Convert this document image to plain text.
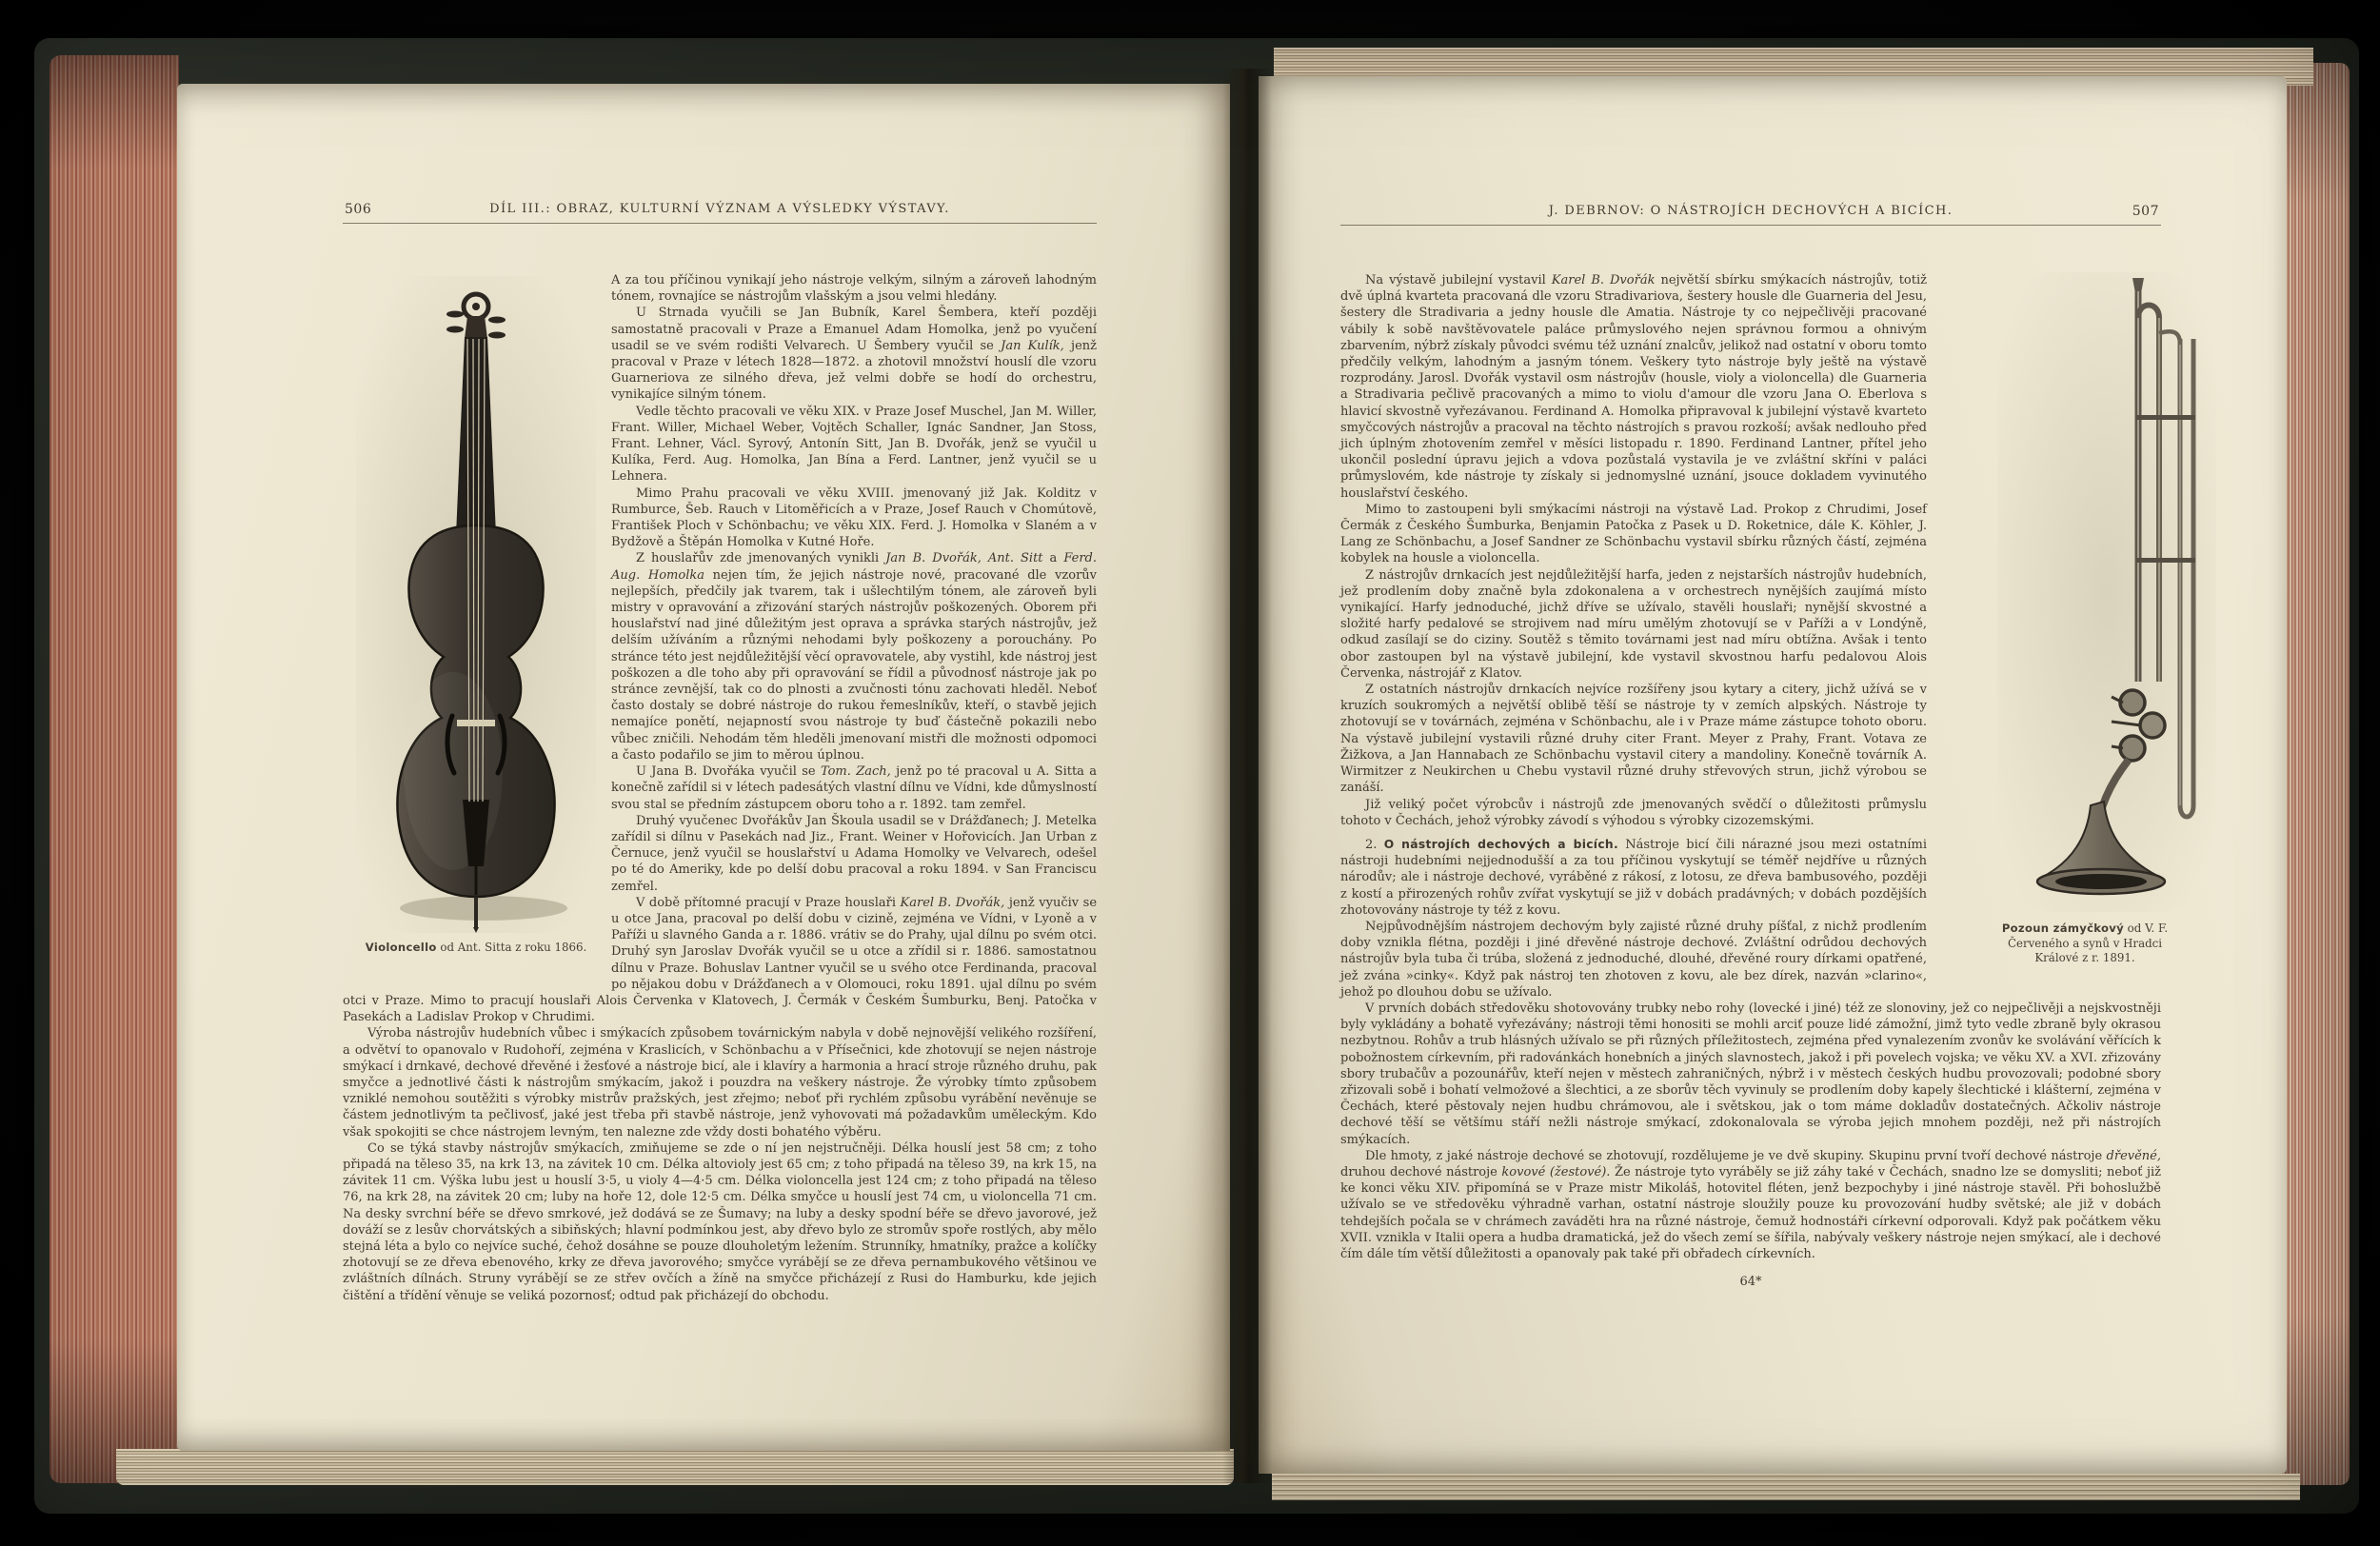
506	DÍL III.: OBRAZ, KULTURNÍ VÝZNAM A VÝSLEDKY VÝSTAVY.
Violoncello od Ant. Sitta z roku 1866.

A za tou příčinou vynikají jeho nástroje velkým, silným a zároveň lahodným tónem, rovnajíce se nástrojům vlašským a jsou velmi hledány.

U Strnada vyučili se Jan Bubník, Karel Šembera, kteří později samostatně pracovali v Praze a Emanuel Adam Homolka, jenž po vyučení usadil se ve svém rodišti Velvarech. U Šembery vyučil se Jan Kulík, jenž pracoval v Praze v létech 1828—1872. a zhotovil množství houslí dle vzoru Guarneriova ze silného dřeva, jež velmi dobře se hodí do orchestru, vynikajíce silným tónem.

Vedle těchto pracovali ve věku XIX. v Praze Josef Muschel, Jan M. Willer, Frant. Willer, Michael Weber, Vojtěch Schaller, Ignác Sandner, Jan Stoss, Frant. Lehner, Václ. Syrový, Antonín Sitt, Jan B. Dvořák, jenž se vyučil u Kulíka, Ferd. Aug. Homolka, Jan Bína a Ferd. Lantner, jenž vyučil se u Lehnera.

Mimo Prahu pracovali ve věku XVIII. jmenovaný již Jak. Kolditz v Rumburce, Šeb. Rauch v Litoměřicích a v Praze, Josef Rauch v Chomútově, František Ploch v Schönbachu; ve věku XIX. Ferd. J. Homolka v Slaném a v Bydžově a Štěpán Homolka v Kutné Hoře.

Z houslařův zde jmenovaných vynikli Jan B. Dvořák, Ant. Sitt a Ferd. Aug. Homolka nejen tím, že jejich nástroje nové, pracované dle vzorův nejlepších, předčily jak tvarem, tak i ušlechtilým tónem, ale zároveň byli mistry v opravování a zřizování starých nástrojův poškozených. Oborem při houslařství nad jiné důležitým jest oprava a správka starých nástrojův, jež delším užíváním a různými nehodami byly poškozeny a porouchány. Po stránce této jest nejdůležitější věcí opravovatele, aby vystihl, kde nástroj jest poškozen a dle toho aby při opravování se řídil a původnosť nástroje jak po stránce zevnější, tak co do plnosti a zvučnosti tónu zachovati hleděl. Neboť často dostaly se dobré nástroje do rukou řemeslníkův, kteří, o stavbě jejich nemajíce ponětí, nejapností svou nástroje ty buď částečně pokazili nebo vůbec zničili. Nehodám těm hleděli jmenovaní mistři dle možnosti odpomoci a často podařilo se jim to měrou úplnou.

U Jana B. Dvořáka vyučil se Tom. Zach, jenž po té pracoval u A. Sitta a konečně zařídil si v létech padesátých vlastní dílnu ve Vídni, kde důmyslností svou stal se předním zástupcem oboru toho a r. 1892. tam zemřel.

Druhý vyučenec Dvořákův Jan Škoula usadil se v Drážďanech; J. Metelka zařídil si dílnu v Pasekách nad Jiz., Frant. Weiner v Hořovicích. Jan Urban z Černuce, jenž vyučil se houslařství u Adama Homolky ve Velvarech, odešel po té do Ameriky, kde po delší dobu pracoval a roku 1894. v San Franciscu zemřel.

V době přítomné pracují v Praze houslaři Karel B. Dvořák, jenž vyučiv se u otce Jana, pracoval po delší dobu v cizině, zejména ve Vídni, v Lyoně a v Paříži u slavného Ganda a r. 1886. vrátiv se do Prahy, ujal dílnu po svém otci. Druhý syn Jaroslav Dvořák vyučil se u otce a zřídil si r. 1886. samostatnou dílnu v Praze. Bohuslav Lantner vyučil se u svého otce Ferdinanda, pracoval po nějakou dobu v Drážďanech a v Olomouci, roku 1891. ujal dílnu po svém otci v Praze. Mimo to pracují houslaři Alois Červenka v Klatovech, J. Čermák v Českém Šumburku, Benj. Patočka v Pasekách a Ladislav Prokop v Chrudimi.

Výroba nástrojův hudebních vůbec i smýkacích způsobem továrnickým nabyla v době nejnovější velikého rozšíření, a odvětví to opanovalo v Rudohoří, zejména v Kraslicích, v Schönbachu a v Přísečnici, kde zhotovují se nejen nástroje smýkací i drnkavé, dechové dřevěné i žesťové a nástroje bicí, ale i klavíry a harmonia a hrací stroje různého druhu, pak smyčce a jednotlivé části k nástrojům smýkacím, jakož i pouzdra na veškery nástroje. Že výrobky tímto způsobem vzniklé nemohou soutěžiti s výrobky mistrův pražských, jest zřejmo; neboť při rychlém způsobu vyrábění nevěnuje se částem jednotlivým ta pečlivosť, jaké jest třeba při stavbě nástroje, jenž vyhovovati má požadavkům uměleckým. Kdo však spokojiti se chce nástrojem levným, ten nalezne zde vždy dosti bohatého výběru.

Co se týká stavby nástrojův smýkacích, zmiňujeme se zde o ní jen nejstručněji. Délka houslí jest 58 cm; z toho připadá na těleso 35, na krk 13, na závitek 10 cm. Délka altovioly jest 65 cm; z toho připadá na těleso 39, na krk 15, na závitek 11 cm. Výška lubu jest u houslí 3·5, u violy 4—4·5 cm. Délka violoncella jest 124 cm; z toho připadá na těleso 76, na krk 28, na závitek 20 cm; luby na hoře 12, dole 12·5 cm. Délka smyčce u houslí jest 74 cm, u violoncella 71 cm. Na desky svrchní béře se dřevo smrkové, jež dodává se ze Šumavy; na luby a desky spodní béře se dřevo javorové, jež dováží se z lesův chorvátských a sibiňských; hlavní podmínkou jest, aby dřevo bylo ze stromův spoře rostlých, aby mělo stejná léta a bylo co nejvíce suché, čehož dosáhne se pouze dlouholetým ležením. Strunníky, hmatníky, pražce a kolíčky zhotovují se ze dřeva ebenového, krky ze dřeva javorového; smyčce vyrábějí se ze dřeva pernambukového většinou ve zvláštních dílnách. Struny vyrábějí se ze střev ovčích a žíně na smyčce přicházejí z Rusi do Hamburku, kde jejich čištění a třídění věnuje se veliká pozornosť; odtud pak přicházejí do obchodu.

J. DEBRNOV: O NÁSTROJÍCH DECHOVÝCH A BICÍCH.	507
Pozoun zámyčkový od V. F.
Červeného a synů v Hradci
Králové z r. 1891.

Na výstavě jubilejní vystavil Karel B. Dvořák největší sbírku smýkacích nástrojův, totiž dvě úplná kvarteta pracovaná dle vzoru Stradivariova, šestery housle dle Guarneria del Jesu, šestery dle Stradivaria a jedny housle dle Amatia. Nástroje ty co nejpečlivěji pracované vábily k sobě navštěvovatele paláce průmyslového nejen správnou formou a ohnivým zbarvením, nýbrž získaly původci svému též uznání znalcův, jelikož nad ostatní v oboru tomto předčily velkým, lahodným a jasným tónem. Veškery tyto nástroje byly ještě na výstavě rozprodány. Jarosl. Dvořák vystavil osm nástrojův (housle, violy a violoncella) dle Guarneria a Stradivaria pečlivě pracovaných a mimo to violu d'amour dle vzoru Jana O. Eberlova s hlavicí skvostně vyřezávanou. Ferdinand A. Homolka připravoval k jubilejní výstavě kvarteto smyčcových nástrojův a pracoval na těchto nástrojích s pravou rozkoší; avšak nedlouho před jich úplným zhotovením zemřel v měsíci listopadu r. 1890. Ferdinand Lantner, přítel jeho ukončil poslední úpravu jejich a vdova pozůstalá vystavila je ve zvláštní skříni v paláci průmyslovém, kde nástroje ty získaly si jednomyslné uznání, jsouce dokladem vyvinutého houslařství českého.

Mimo to zastoupeni byli smýkacími nástroji na výstavě Lad. Prokop z Chrudimi, Josef Čermák z Českého Šumburka, Benjamin Patočka z Pasek u D. Roketnice, dále K. Köhler, J. Lang ze Schönbachu, a Josef Sandner ze Schönbachu vystavil sbírku různých částí, zejména kobylek na housle a violoncella.

Z nástrojův drnkacích jest nejdůležitější harfa, jeden z nejstarších nástrojův hudebních, jež prodlením doby značně byla zdokonalena a v orchestrech nynějších zaujímá místo vynikající. Harfy jednoduché, jichž dříve se užívalo, stavěli houslaři; nynější skvostné a složité harfy pedalové se strojivem nad míru umělým zhotovují se v Paříži a v Londýně, odkud zasílají se do ciziny. Soutěž s těmito továrnami jest nad míru obtížna. Avšak i tento obor zastoupen byl na výstavě jubilejní, kde vystavil skvostnou harfu pedalovou Alois Červenka, nástrojář z Klatov.

Z ostatních nástrojův drnkacích nejvíce rozšířeny jsou kytary a citery, jichž užívá se v kruzích soukromých a největší oblibě těší se nástroje ty v zemích alpských. Nástroje ty zhotovují se v továrnách, zejména v Schönbachu, ale i v Praze máme zástupce tohoto oboru. Na výstavě jubilejní vystavili různé druhy citer Frant. Meyer z Prahy, Frant. Votava ze Žižkova, a Jan Hannabach ze Schönbachu vystavil citery a mandoliny. Konečně továrník A. Wirmitzer z Neukirchen u Chebu vystavil různé druhy střevových strun, jichž výrobou se zanáší.

Již veliký počet výrobcův i nástrojů zde jmenovaných svědčí o důležitosti průmyslu tohoto v Čechách, jehož výrobky závodí s výhodou s výrobky cizozemskými.

2. O nástrojích dechových a bicích. Nástroje bicí čili nárazné jsou mezi ostatními nástroji hudebními nejjednodušší a za tou příčinou vyskytují se téměř nejdříve u různých národův; ale i nástroje dechové, vyráběné z rákosí, z lotosu, ze dřeva bambusového, později z kostí a přirozených rohův zvířat vyskytují se již v dobách pradávných; v dobách pozdějších zhotovovány nástroje ty též z kovu.

Nejpůvodnějším nástrojem dechovým byly zajisté různé druhy píšťal, z nichž prodlením doby vznikla flétna, později i jiné dřevěné nástroje dechové. Zvláštní odrůdou dechových nástrojův byla tuba či trúba, složená z jednoduché, dlouhé, dřevěné roury dírkami opatřené, jež zvána »cinky«. Když pak nástroj ten zhotoven z kovu, ale bez dírek, nazván »clarino«, jehož po dlouhou dobu se užívalo.

V prvních dobách středověku shotovovány trubky nebo rohy (lovecké i jiné) též ze slonoviny, jež co nejpečlivěji a nejskvostněji byly vykládány a bohatě vyřezávány; nástroji těmi honositi se mohli arciť pouze lidé zámožní, jimž tyto vedle zbraně byly okrasou nezbytnou. Rohův a trub hlásných užívalo se při různých příležitostech, zejména před vynalezením zvonův ke svolávání věřících k pobožnostem církevním, při radovánkách honebních a jiných slavnostech, jakož i při povelech vojska; ve věku XV. a XVI. zřizovány sbory trubačův a pozounářův, kteří nejen v městech zahraničných, nýbrž i v městech českých hudbu provozovali; podobné sbory zřizovali sobě i bohatí velmožové a šlechtici, a ze sborův těch vyvinuly se prodlením doby kapely šlechtické i klášterní, zejména v Čechách, které pěstovaly nejen hudbu chrámovou, ale i světskou, jak o tom máme dokladův dostatečných. Ačkoliv nástroje dechové těší se většímu stáří nežli nástroje smýkací, zdokonalovala se výroba jejich mnohem později, než při nástrojích smýkacích.

Dle hmoty, z jaké nástroje dechové se zhotovují, rozdělujeme je ve dvě skupiny. Skupinu první tvoří dechové nástroje dřevěné, druhou dechové nástroje kovové (žestové). Že nástroje tyto vyráběly se již záhy také v Čechách, snadno lze se domysliti; neboť již ke konci věku XIV. připomíná se v Praze mistr Mikoláš, hotovitel fléten, jenž bezpochyby i jiné nástroje stavěl. Při bohoslužbě užívalo se ve středověku výhradně varhan, ostatní nástroje sloužily pouze ku provozování hudby světské; ale již v dobách tehdejších počala se v chrámech zaváděti hra na různé nástroje, čemuž hodnostáři církevní odporovali. Když pak počátkem věku XVII. vznikla v Italii opera a hudba dramatická, jež do všech zemí se šířila, nabývaly veškery nástroje nejen smýkací, ale i dechové čím dále tím větší důležitosti a opanovaly pak také při obřadech církevních.

64*
